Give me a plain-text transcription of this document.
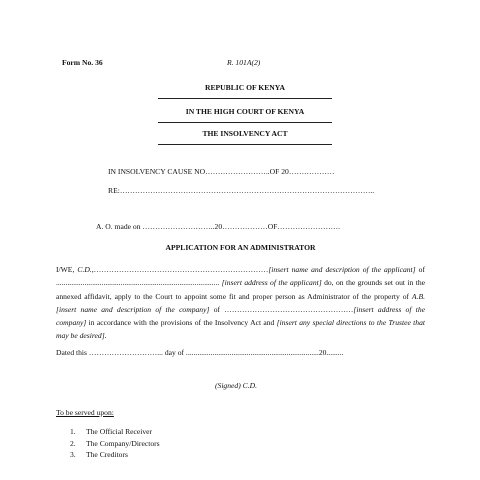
Form No. 36	R. 101A(2)
REPUBLIC OF KENYA
IN THE HIGH COURT OF KENYA
THE INSOLVENCY ACT
IN INSOLVENCY CAUSE NO……………………..OF 20………………
RE:………………………………………………………………………………………..
A. O. made on ………………………..20………………OF…………………….
APPLICATION FOR AN ADMINISTRATOR
I/WE, C.D.,……………………………………………………………[insert name and description of the applicant] of ...................................................................................... [insert address of the applicant] do, on the grounds set out in the annexed affidavit, apply to the Court to appoint some fit and proper person as Administrator of the property of A.B. [insert name and description of the company] of ……………………………………………[insert address of the company] in accordance with the provisions of the Insolvency Act and [insert any special directions to the Trustee that may be desired].
Dated this ………………………... day of ......................................................................20.........
(Signed) C.D.
To be served upon:
1.	The Official Receiver
2.	The Company/Directors
3.	The Creditors
